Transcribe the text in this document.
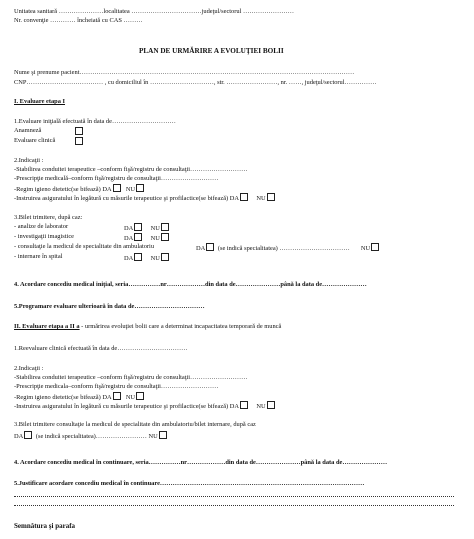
Unitatea sanitară …………………localitatea ……………………………judeţul/sectorul ……………………
Nr. convenţie ………… încheiată cu CAS ………
PLAN DE URMĂRIRE A EVOLUŢIEI BOLII
Nume şi prenume pacient…………………………………………………………………………………………………………………
CNP……………………………… , cu domiciliul în …………………………, str. ……………………, nr. ……, judeţul/sectorul……………
I. Evaluare etapa I
1.Evaluare iniţială efectuată în data de…………………………
Anamneză
Evaluare clinică
2.Indicaţii :
-Stabilirea conduitei terapeutice –conform fişă/registru de consultaţii………………………
-Prescripţie medicală–conform fişă/registru de consultaţii………………………
-Regim igieno dietetic(se bifează) DA NU
-Instruirea asiguratului în legătură cu măsurile terapeutice şi profilactice(se bifează) DA	NU
3.Bilet trimitere, după caz:
- analize de laborator	DA	NU
- investigaţii imagistice	DA	NU
- consultaţie la medicul de specialitate din ambulatoriu	DA (se indică specialitatea) …………………………… NU
- internare în spital	DA	NU
4. Acordare concediu medical iniţial, seria……………nr………………din data de…………………până la data de…………………
5.Programare evaluare ulterioară în data de……………………………
II. Evaluare etapa a II a - urmărirea evoluţiei bolii care a determinat incapacitatea temporară de muncă
1.Reevaluare clinică efectuată în data de……………………………
2.Indicaţii :
-Stabilirea conduitei terapeutice –conform fişă/registru de consultaţii………………………
-Prescripţie medicala–conform fişă/registru de consultaţii………………………
-Regim igieno dietetic(se bifează) DA NU
-Instruirea asiguratului în legătură cu măsurile terapeutice şi profilactice(se bifează) DA	NU
3.Bilet trimitere consultaţie la medicul de specialitate din ambulatoriu/bilet internare, după caz
DA (se indică specialitatea)…………………… NU
4. Acordare concediu medical în continuare, seria……………nr………………din data de…………………până la data de…………………
5.Justificare acordare concediu medical în continuare……………………………………………………………………………………
Semnătura şi parafa
